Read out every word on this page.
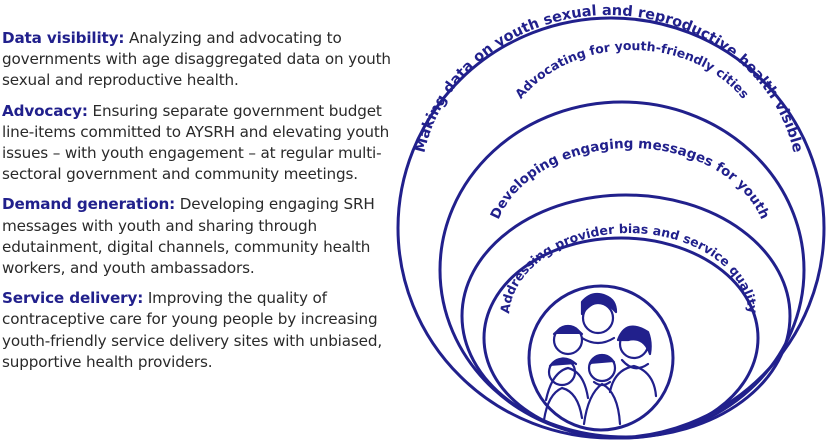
Data visibility: Analyzing and advocating to governments with age disaggregated data on youth sexual and reproductive health.

Advocacy: Ensuring separate government budget line-items committed to AYSRH and elevating youth issues – with youth engagement – at regular multi-sectoral government and community meetings.

Demand generation: Developing engaging SRH messages with youth and sharing through edutainment, digital channels, community health workers, and youth ambassadors.

Service delivery: Improving the quality of contraceptive care for young people by increasing youth-friendly service delivery sites with unbiased, supportive health providers.

Making data on youth sexual and reproductive health visible
Advocating for youth-friendly cities
Developing engaging messages for youth
Addressing provider bias and service quality
